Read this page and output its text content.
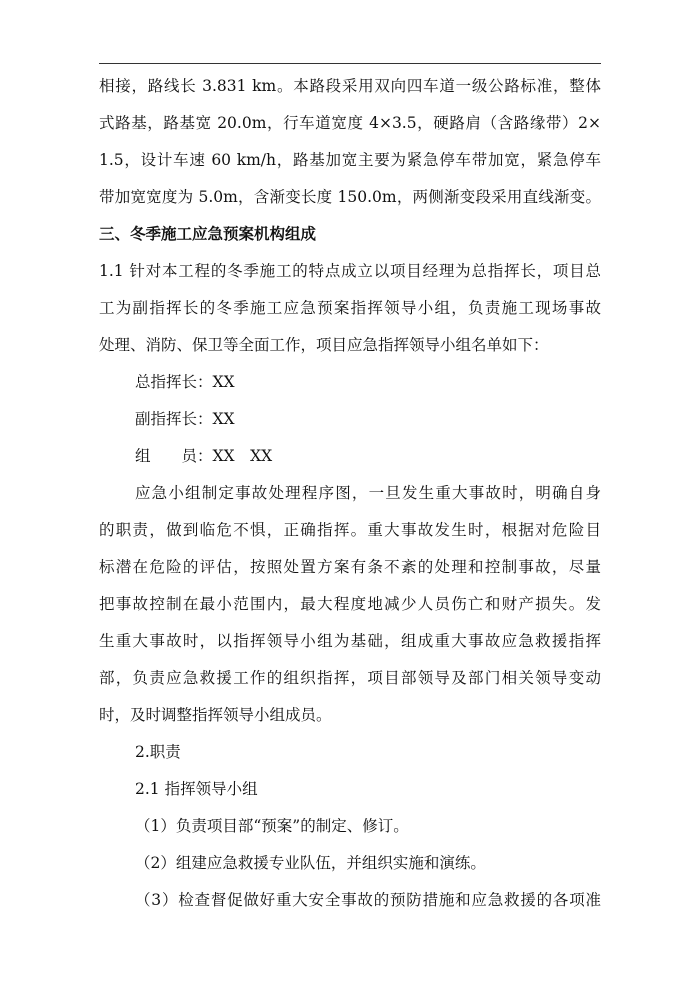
相接，路线长 3.831 km。本路段采用双向四车道一级公路标准，整体
式路基，路基宽 20.0m，行车道宽度 4×3.5，硬路肩（含路缘带）2×
1.5，设计车速 60 km/h，路基加宽主要为紧急停车带加宽，紧急停车
带加宽宽度为 5.0m，含渐变长度 150.0m，两侧渐变段采用直线渐变。
三、冬季施工应急预案机构组成
1.1 针对本工程的冬季施工的特点成立以项目经理为总指挥长，项目总
工为副指挥长的冬季施工应急预案指挥领导小组，负责施工现场事故
处理、消防、保卫等全面工作，项目应急指挥领导小组名单如下：
总指挥长：XX
副指挥长：XX
组　　员：XX　XX
应急小组制定事故处理程序图，一旦发生重大事故时，明确自身
的职责，做到临危不惧，正确指挥。重大事故发生时，根据对危险目
标潜在危险的评估，按照处置方案有条不紊的处理和控制事故，尽量
把事故控制在最小范围内，最大程度地减少人员伤亡和财产损失。发
生重大事故时，以指挥领导小组为基础，组成重大事故应急救援指挥
部，负责应急救援工作的组织指挥，项目部领导及部门相关领导变动
时，及时调整指挥领导小组成员。
2.职责
2.1 指挥领导小组
（1）负责项目部“预案”的制定、修订。
（2）组建应急救援专业队伍，并组织实施和演练。
（3）检查督促做好重大安全事故的预防措施和应急救援的各项准
